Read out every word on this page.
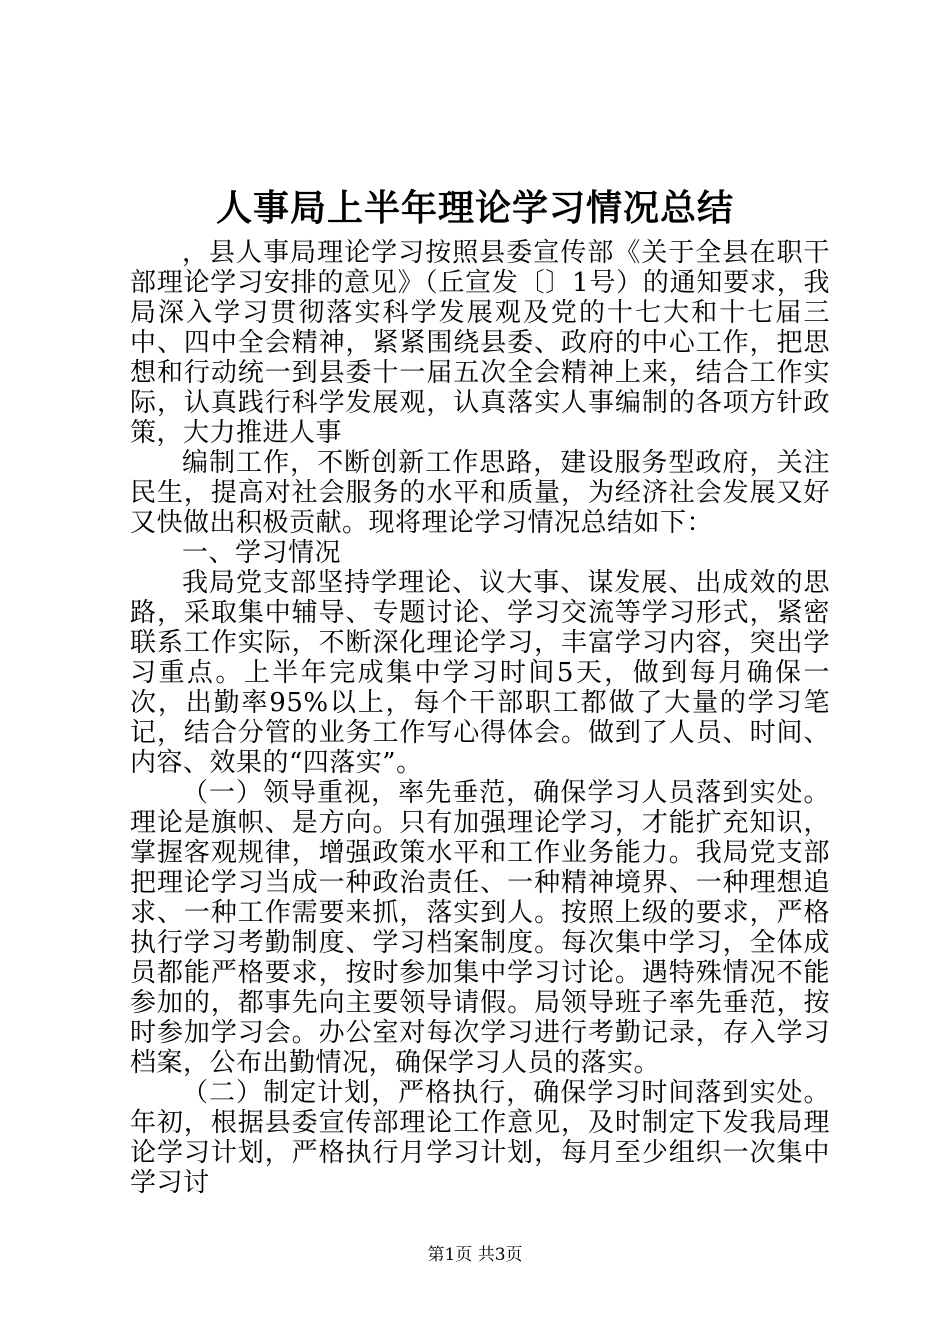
人事局上半年理论学习情况总结

，县人事局理论学习按照县委宣传部《关于全县在职干部理论学习安排的意见》（丘宣发〔〕1号）的通知要求，我局深入学习贯彻落实科学发展观及党的十七大和十七届三中、四中全会精神，紧紧围绕县委、政府的中心工作，把思想和行动统一到县委十一届五次全会精神上来，结合工作实际，认真践行科学发展观，认真落实人事编制的各项方针政策，大力推进人事

编制工作，不断创新工作思路，建设服务型政府，关注民生，提高对社会服务的水平和质量，为经济社会发展又好又快做出积极贡献。现将理论学习情况总结如下：

一、学习情况

我局党支部坚持学理论、议大事、谋发展、出成效的思路，采取集中辅导、专题讨论、学习交流等学习形式，紧密联系工作实际，不断深化理论学习，丰富学习内容，突出学习重点。上半年完成集中学习时间5天，做到每月确保一次，出勤率95%以上，每个干部职工都做了大量的学习笔记，结合分管的业务工作写心得体会。做到了人员、时间、内容、效果的“四落实”。

（一）领导重视，率先垂范，确保学习人员落到实处。理论是旗帜、是方向。只有加强理论学习，才能扩充知识，掌握客观规律，增强政策水平和工作业务能力。我局党支部把理论学习当成一种政治责任、一种精神境界、一种理想追求、一种工作需要来抓，落实到人。按照上级的要求，严格执行学习考勤制度、学习档案制度。每次集中学习，全体成员都能严格要求，按时参加集中学习讨论。遇特殊情况不能参加的，都事先向主要领导请假。局领导班子率先垂范，按时参加学习会。办公室对每次学习进行考勤记录，存入学习档案，公布出勤情况，确保学习人员的落实。

（二）制定计划，严格执行，确保学习时间落到实处。年初，根据县委宣传部理论工作意见，及时制定下发我局理论学习计划，严格执行月学习计划，每月至少组织一次集中学习讨

第1页 共3页
